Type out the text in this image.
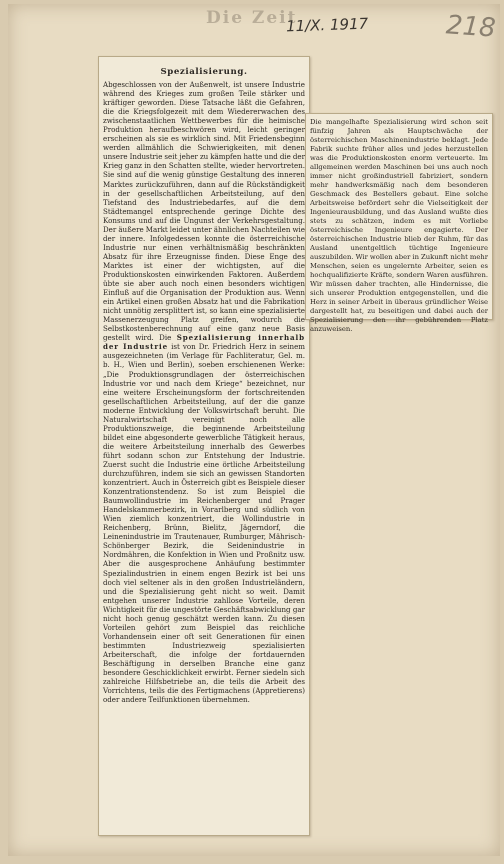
Die Zeit
11/X. 1917	218
Spezialisierung.

Abgeschlossen von der Außenwelt, ist unsere Industrie während des Krieges zum großen Teile stärker und kräftiger geworden. Diese Tatsache läßt die Gefahren, die die Kriegsfolgezeit mit dem Wiedererwachen des zwischenstaatlichen Wettbewerbes für die heimische Produktion heraufbeschwören wird, leicht geringer erscheinen als sie es wirklich sind. Mit Friedensbeginn werden allmählich die Schwierigkeiten, mit denen unsere Industrie seit jeher zu kämpfen hatte und die der Krieg ganz in den Schatten stellte, wieder hervortreten. Sie sind auf die wenig günstige Gestaltung des inneren Marktes zurückzuführen, dann auf die Rückständigkeit in der gesellschaftlichen Arbeitsteilung, auf den Tiefstand des Industriebedarfes, auf die dem Städtemangel entsprechende geringe Dichte des Konsums und auf die Ungunst der Verkehrsgestaltung. Der äußere Markt leidet unter ähnlichen Nachteilen wie der innere. Infolgedessen konnte die österreichische Industrie nur einen verhältnismäßig beschränkten Absatz für ihre Erzeugnisse finden. Diese Enge des Marktes ist einer der wichtigsten, auf die Produktionskosten einwirkenden Faktoren. Außerdem übte sie aber auch noch einen besonders wichtigen Einfluß auf die Organisation der Produktion aus. Wenn ein Artikel einen großen Absatz hat und die Fabrikation nicht unnötig zersplittert ist, so kann eine spezialisierte Massenerzeugung Platz greifen, wodurch die Selbstkostenberechnung auf eine ganz neue Basis gestellt wird. Die Spezialisierung innerhalb der Industrie ist von Dr. Friedrich Herz in seinem ausgezeichneten (im Verlage für Fachliteratur, Gel. m. b. H., Wien und Berlin), soeben erschienenen Werke: „Die Produktionsgrundlagen der österreichischen Industrie vor und nach dem Kriege“ bezeichnet, nur eine weitere Erscheinungsform der fortschreitenden gesellschaftlichen Arbeitsteilung, auf der die ganze moderne Entwicklung der Volkswirtschaft beruht. Die Naturalwirtschaft vereinigt noch alle Produktionszweige, die beginnende Arbeitsteilung bildet eine abgesonderte gewerbliche Tätigkeit heraus, die weitere Arbeitsteilung innerhalb des Gewerbes führt sodann schon zur Entstehung der Industrie. Zuerst sucht die Industrie eine örtliche Arbeitsteilung durchzuführen, indem sie sich an gewissen Standorten konzentriert. Auch in Österreich gibt es Beispiele dieser Konzentrationstendenz. So ist zum Beispiel die Baumwollindustrie im Reichenberger und Prager Handelskammerbezirk, in Vorarlberg und südlich von Wien ziemlich konzentriert, die Wollindustrie in Reichenberg, Brünn, Bielitz, Jägerndorf, die Leinenindustrie im Trautenauer, Rumburger, Mährisch-Schönberger Bezirk, die Seidenindustrie in Nordmähren, die Konfektion in Wien und Proßnitz usw. Aber die ausgesprochene Anhäufung bestimmter Spezialindustrien in einem engen Bezirk ist bei uns doch viel seltener als in den großen Industrieländern, und die Spezialisierung geht nicht so weit. Damit entgehen unserer Industrie zahllose Vorteile, deren Wichtigkeit für die ungestörte Geschäftsabwicklung gar nicht hoch genug geschätzt werden kann. Zu diesen Vorteilen gehört zum Beispiel das reichliche Vorhandensein einer oft seit Generationen für einen bestimmten Industriezweig spezialisierten Arbeiterschaft, die infolge der fortdauernden Beschäftigung in derselben Branche eine ganz besondere Geschicklichkeit erwirbt. Ferner siedeln sich zahlreiche Hilfsbetriebe an, die teils die Arbeit des Vorrichtens, teils die des Fertigmachens (Appretierens) oder andere Teilfunktionen übernehmen.

Die mangelhafte Spezialisierung wird schon seit fünfzig Jahren als Hauptschwäche der österreichischen Maschinenindustrie beklagt. Jede Fabrik suchte früher alles und jedes herzustellen was die Produktionskosten enorm verteuerte. Im allgemeinen werden Maschinen bei uns auch noch immer nicht großindustriell fabriziert, sondern mehr handwerksmäßig nach dem besonderen Geschmack des Bestellers gebaut. Eine solche Arbeitsweise befördert sehr die Vielseitigkeit der Ingenieurausbildung, und das Ausland wußte dies stets zu schätzen, indem es mit Vorliebe österreichische Ingenieure engagierte. Der österreichischen Industrie blieb der Ruhm, für das Ausland unentgeltlich tüchtige Ingenieure auszubilden. Wir wollen aber in Zukunft nicht mehr Menschen, seien es ungelernte Arbeiter, seien es hochqualifizierte Kräfte, sondern Waren ausführen. Wir müssen daher trachten, alle Hindernisse, die sich unserer Produktion entgegenstellen, und die Herz in seiner Arbeit in überaus gründlicher Weise dargestellt hat, zu beseitigen und dabei auch der Spezialisierung den ihr gebührenden Platz anzuweisen.
